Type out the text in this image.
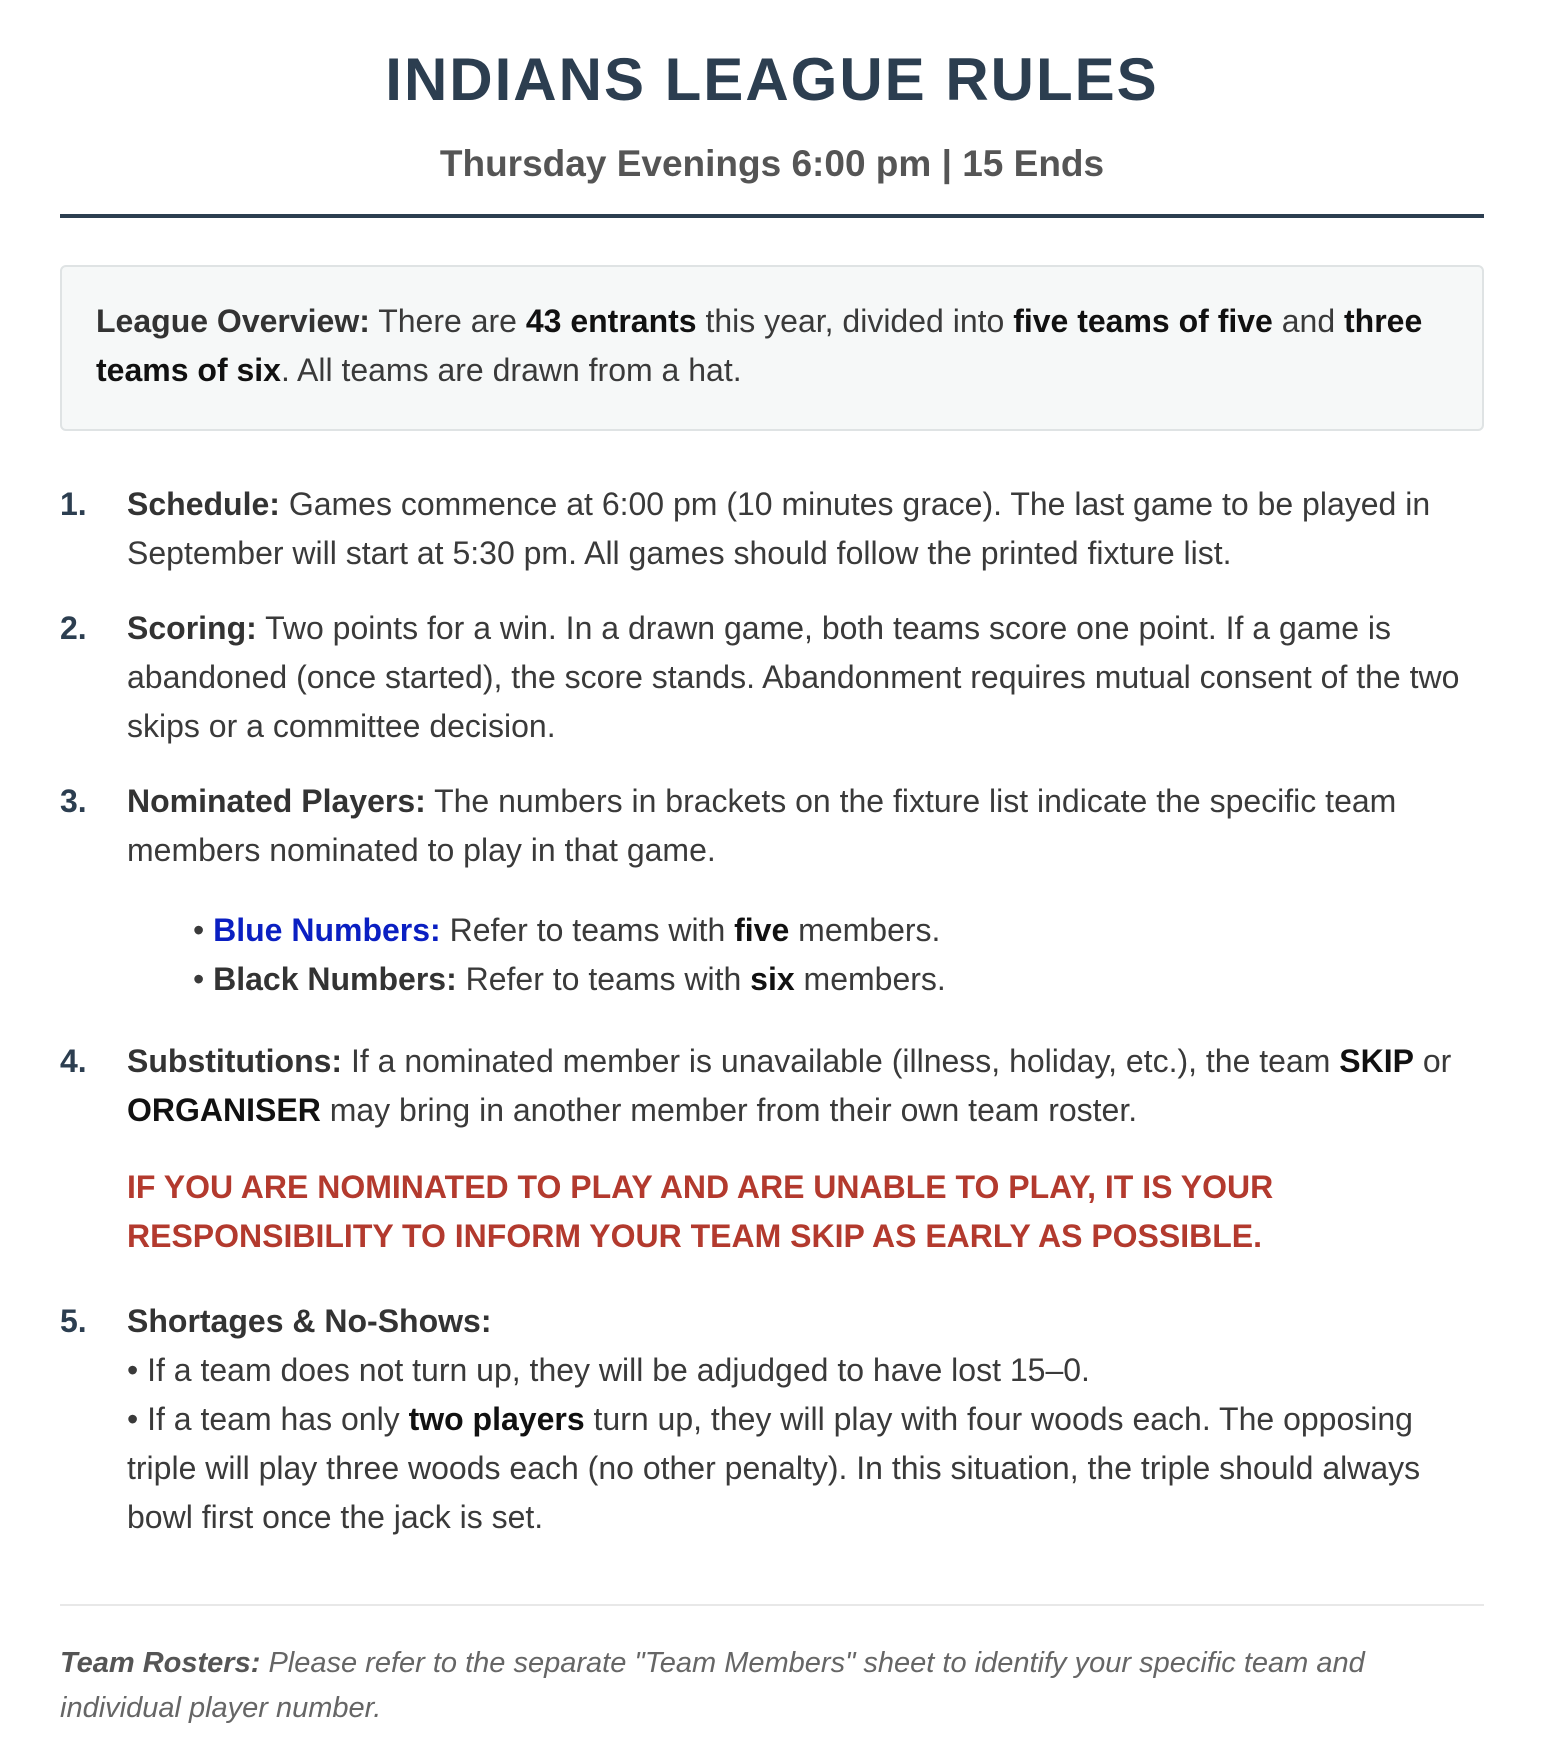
INDIANS LEAGUE RULES
Thursday Evenings 6:00 pm | 15 Ends
League Overview: There are 43 entrants this year, divided into five teams of five and three teams of six. All teams are drawn from a hat.
1. Schedule: Games commence at 6:00 pm (10 minutes grace). The last game to be played in September will start at 5:30 pm. All games should follow the printed fixture list.
2. Scoring: Two points for a win. In a drawn game, both teams score one point. If a game is abandoned (once started), the score stands. Abandonment requires mutual consent of the two skips or a committee decision.
3. Nominated Players: The numbers in brackets on the fixture list indicate the specific team members nominated to play in that game.
• Blue Numbers: Refer to teams with five members.
• Black Numbers: Refer to teams with six members.
4. Substitutions: If a nominated member is unavailable (illness, holiday, etc.), the team SKIP or ORGANISER may bring in another member from their own team roster.
IF YOU ARE NOMINATED TO PLAY AND ARE UNABLE TO PLAY, IT IS YOUR RESPONSIBILITY TO INFORM YOUR TEAM SKIP AS EARLY AS POSSIBLE.
5. Shortages & No-Shows:
• If a team does not turn up, they will be adjudged to have lost 15–0.
• If a team has only two players turn up, they will play with four woods each. The opposing triple will play three woods each (no other penalty). In this situation, the triple should always bowl first once the jack is set.
Team Rosters: Please refer to the separate "Team Members" sheet to identify your specific team and individual player number.
